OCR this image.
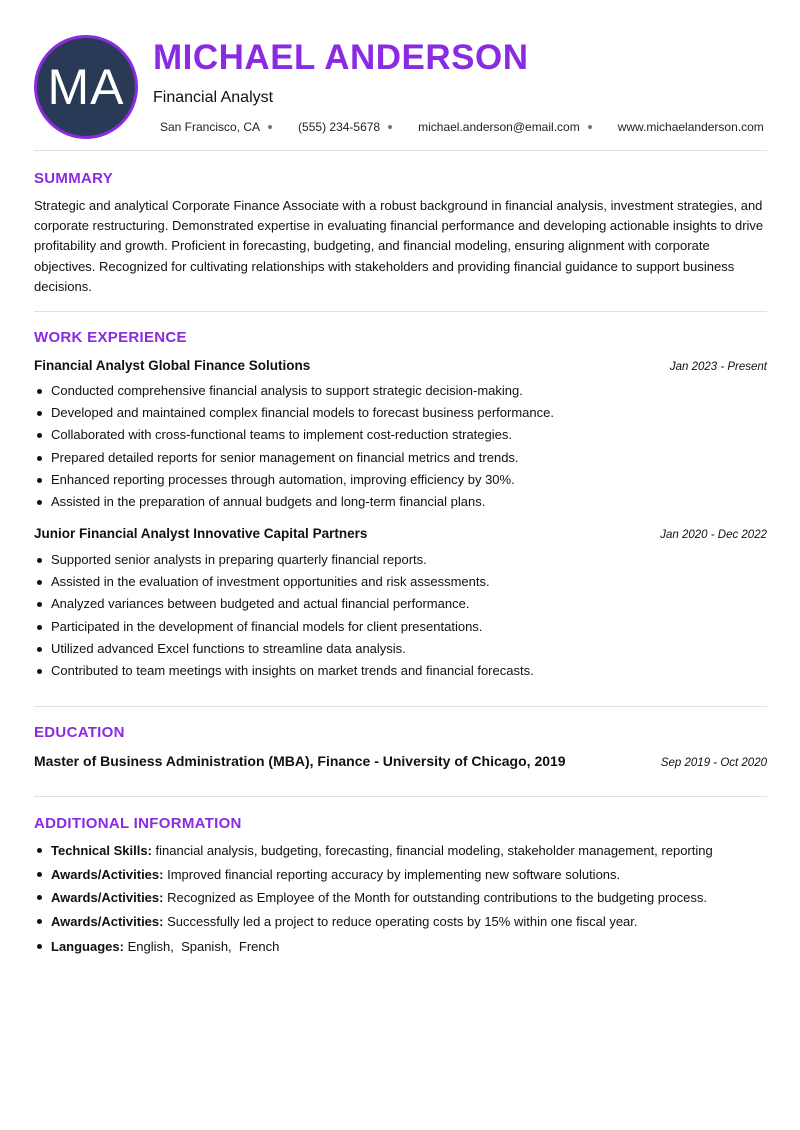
MA
MICHAEL ANDERSON
Financial Analyst
San Francisco, CA	(555) 234-5678	michael.anderson@email.com	www.michaelanderson.com
SUMMARY

Strategic and analytical Corporate Finance Associate with a robust background in financial analysis, investment strategies, and corporate restructuring. Demonstrated expertise in evaluating financial performance and developing actionable insights to drive profitability and growth. Proficient in forecasting, budgeting, and financial modeling, ensuring alignment with corporate objectives. Recognized for cultivating relationships with stakeholders and providing financial guidance to support business decisions.

WORK EXPERIENCE
Financial Analyst Global Finance Solutions	Jan 2023 - Present
Conducted comprehensive financial analysis to support strategic decision-making.
Developed and maintained complex financial models to forecast business performance.
Collaborated with cross-functional teams to implement cost-reduction strategies.
Prepared detailed reports for senior management on financial metrics and trends.
Enhanced reporting processes through automation, improving efficiency by 30%.
Assisted in the preparation of annual budgets and long-term financial plans.
Junior Financial Analyst Innovative Capital Partners	Jan 2020 - Dec 2022
Supported senior analysts in preparing quarterly financial reports.
Assisted in the evaluation of investment opportunities and risk assessments.
Analyzed variances between budgeted and actual financial performance.
Participated in the development of financial models for client presentations.
Utilized advanced Excel functions to streamline data analysis.
Contributed to team meetings with insights on market trends and financial forecasts.
EDUCATION
Master of Business Administration (MBA), Finance - University of Chicago, 2019	Sep 2019 - Oct 2020
ADDITIONAL INFORMATION
Technical Skills: financial analysis, budgeting, forecasting, financial modeling, stakeholder management, reporting
Awards/Activities: Improved financial reporting accuracy by implementing new software solutions.
Awards/Activities: Recognized as Employee of the Month for outstanding contributions to the budgeting process.
Awards/Activities: Successfully led a project to reduce operating costs by 15% within one fiscal year.
Languages: English,  Spanish,  French
